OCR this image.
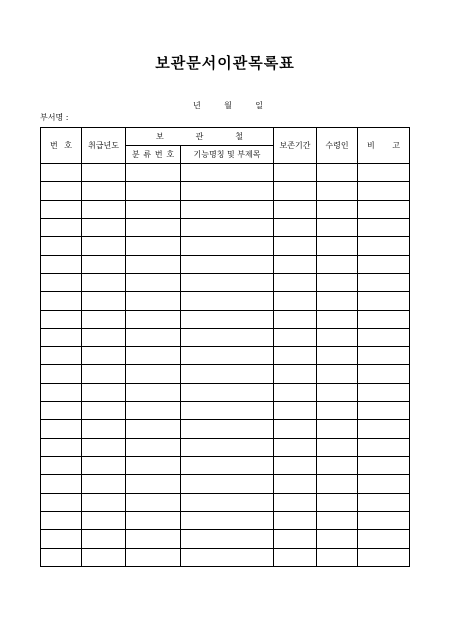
보관문서이관목록표
년	월	일
부서명 :
번 호	취급년도	보 관 철		보존기간	수령인	비 고

		분 류 번 호	기능명칭 및 부제목			
